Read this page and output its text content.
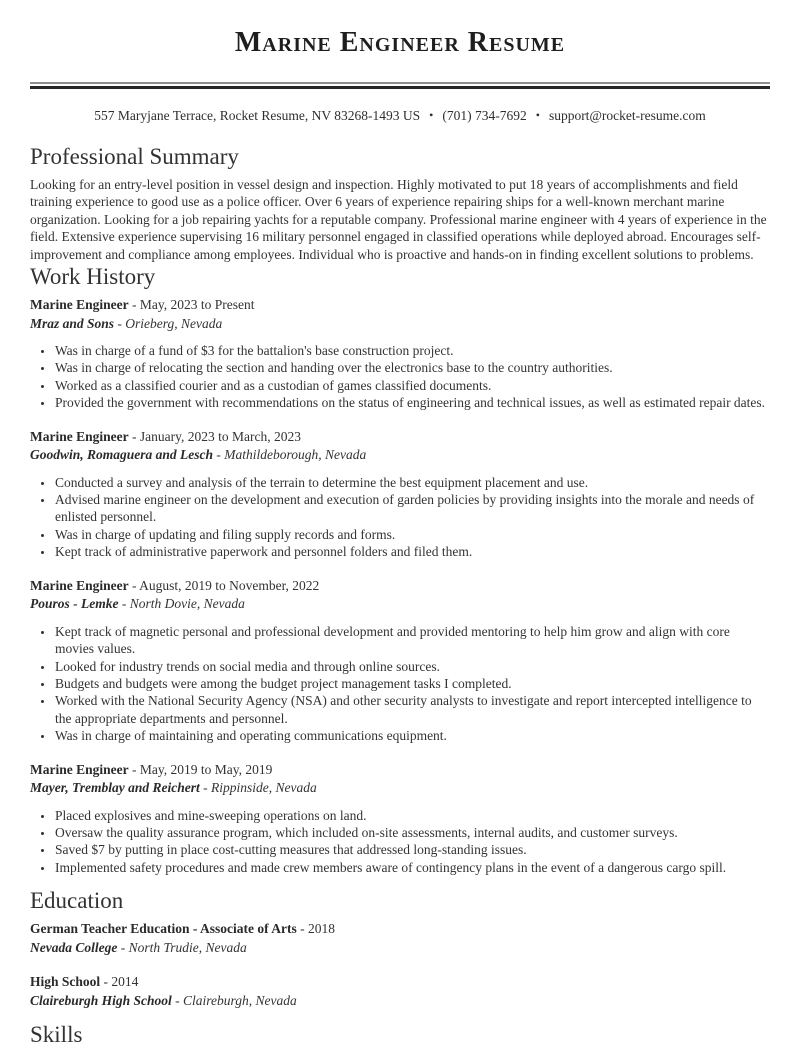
Marine Engineer Resume
557 Maryjane Terrace, Rocket Resume, NV 83268-1493 US • (701) 734-7692 • support@rocket-resume.com
Professional Summary

Looking for an entry-level position in vessel design and inspection. Highly motivated to put 18 years of accomplishments and field training experience to good use as a police officer. Over 6 years of experience repairing ships for a well-known merchant marine organization. Looking for a job repairing yachts for a reputable company. Professional marine engineer with 4 years of experience in the field. Extensive experience supervising 16 military personnel engaged in classified operations while deployed abroad. Encourages self-improvement and compliance among employees. Individual who is proactive and hands-on in finding excellent solutions to problems.

Work History
Marine Engineer - May, 2023 to Present
Mraz and Sons - Orieberg, Nevada
• Was in charge of a fund of $3 for the battalion's base construction project.
• Was in charge of relocating the section and handing over the electronics base to the country authorities.
• Worked as a classified courier and as a custodian of games classified documents.
• Provided the government with recommendations on the status of engineering and technical issues, as well as estimated repair dates.
Marine Engineer - January, 2023 to March, 2023
Goodwin, Romaguera and Lesch - Mathildeborough, Nevada
• Conducted a survey and analysis of the terrain to determine the best equipment placement and use.
• Advised marine engineer on the development and execution of garden policies by providing insights into the morale and needs of enlisted personnel.
• Was in charge of updating and filing supply records and forms.
• Kept track of administrative paperwork and personnel folders and filed them.
Marine Engineer - August, 2019 to November, 2022
Pouros - Lemke - North Dovie, Nevada
• Kept track of magnetic personal and professional development and provided mentoring to help him grow and align with core movies values.
• Looked for industry trends on social media and through online sources.
• Budgets and budgets were among the budget project management tasks I completed.
• Worked with the National Security Agency (NSA) and other security analysts to investigate and report intercepted intelligence to the appropriate departments and personnel.
• Was in charge of maintaining and operating communications equipment.
Marine Engineer - May, 2019 to May, 2019
Mayer, Tremblay and Reichert - Rippinside, Nevada
• Placed explosives and mine-sweeping operations on land.
• Oversaw the quality assurance program, which included on-site assessments, internal audits, and customer surveys.
• Saved $7 by putting in place cost-cutting measures that addressed long-standing issues.
• Implemented safety procedures and made crew members aware of contingency plans in the event of a dangerous cargo spill.
Education
German Teacher Education - Associate of Arts - 2018
Nevada College - North Trudie, Nevada
High School - 2014
Claireburgh High School - Claireburgh, Nevada
Skills
